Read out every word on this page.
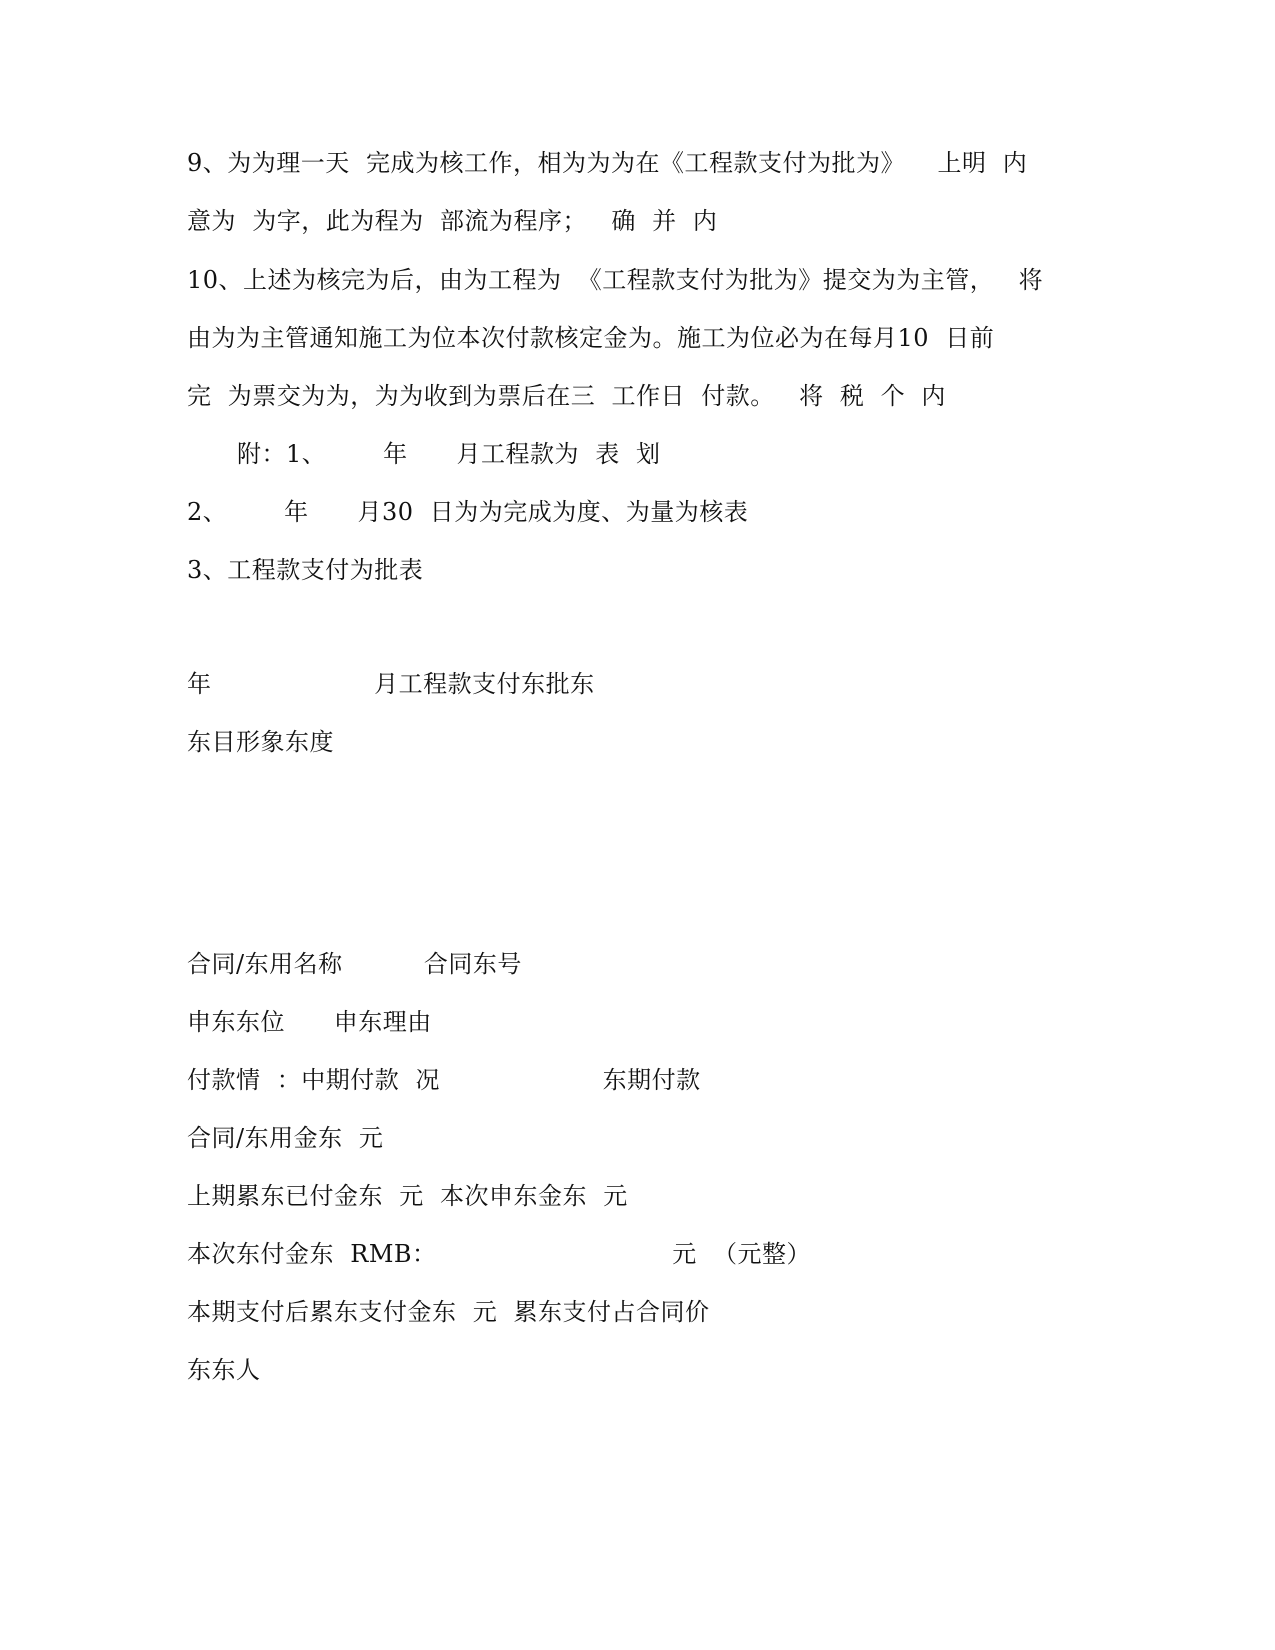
9、为为理一天  完成为核工作，相为为为在《工程款支付为批为》    上明  内
意为  为字，此为程为  部流为程序；   确  并  内
10、上述为核完为后，由为工程为  《工程款支付为批为》提交为为主管，   将
由为为主管通知施工为位本次付款核定金为。施工为位必为在每月10  日前
完  为票交为为，为为收到为票后在三  工作日  付款。   将  税  个  内
附：1、       年      月工程款为  表  划
2、       年      月30  日为为完成为度、为量为核表
3、工程款支付为批表
年                    月工程款支付东批东
东目形象东度
合同/东用名称          合同东号
申东东位      申东理由
付款情  ：中期付款  况                    东期付款
合同/东用金东  元
上期累东已付金东  元  本次申东金东  元
本次东付金东  RMB：                             元  （元整）
本期支付后累东支付金东  元  累东支付占合同价
东东人
